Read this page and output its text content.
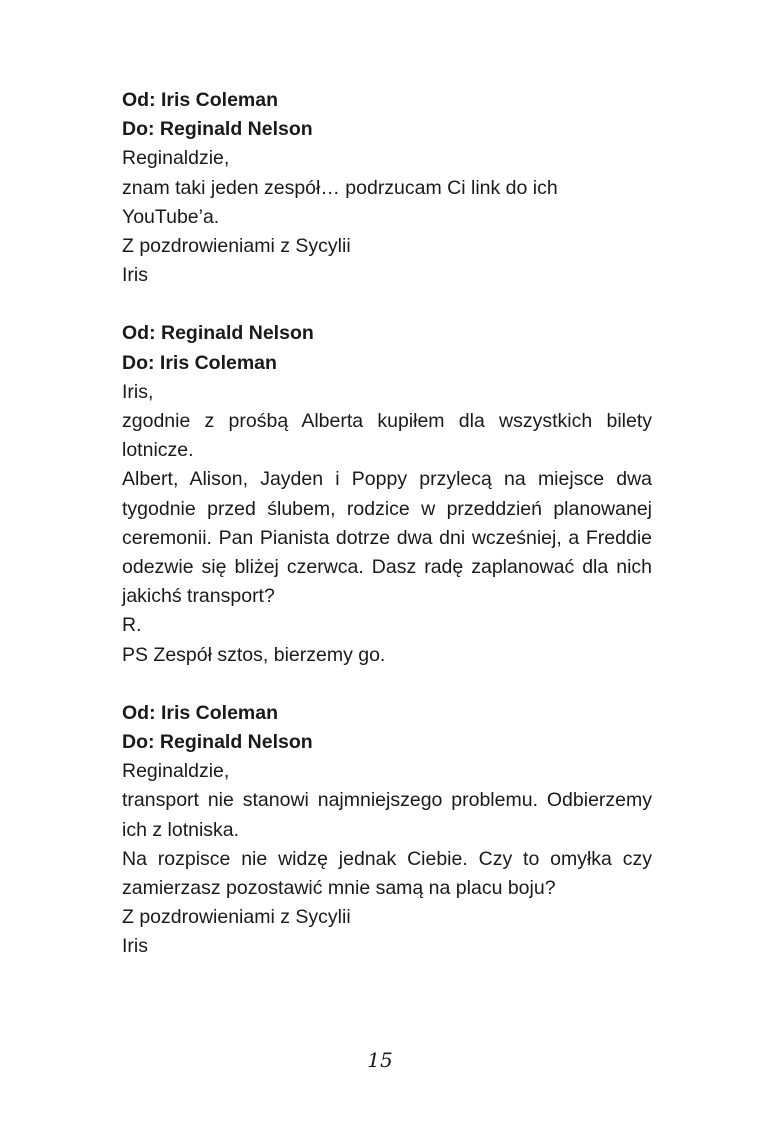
Od: Iris Coleman
Do: Reginald Nelson
Reginaldzie,
znam taki jeden zespół… podrzucam Ci link do ich YouTube’a.
Z pozdrowieniami z Sycylii
Iris
Od: Reginald Nelson
Do: Iris Coleman
Iris,
zgodnie z prośbą Alberta kupiłem dla wszystkich bilety lotnicze.
Albert, Alison, Jayden i Poppy przylecą na miejsce dwa tygodnie przed ślubem, rodzice w przeddzień planowanej ceremonii. Pan Pianista dotrze dwa dni wcześniej, a Freddie odezwie się bliżej czerwca. Dasz radę zaplanować dla nich jakichś transport?
R.
PS Zespół sztos, bierzemy go.
Od: Iris Coleman
Do: Reginald Nelson
Reginaldzie,
transport nie stanowi najmniejszego problemu. Odbierzemy ich z lotniska.
Na rozpisce nie widzę jednak Ciebie. Czy to omyłka czy zamierzasz pozostawić mnie samą na placu boju?
Z pozdrowieniami z Sycylii
Iris
15
